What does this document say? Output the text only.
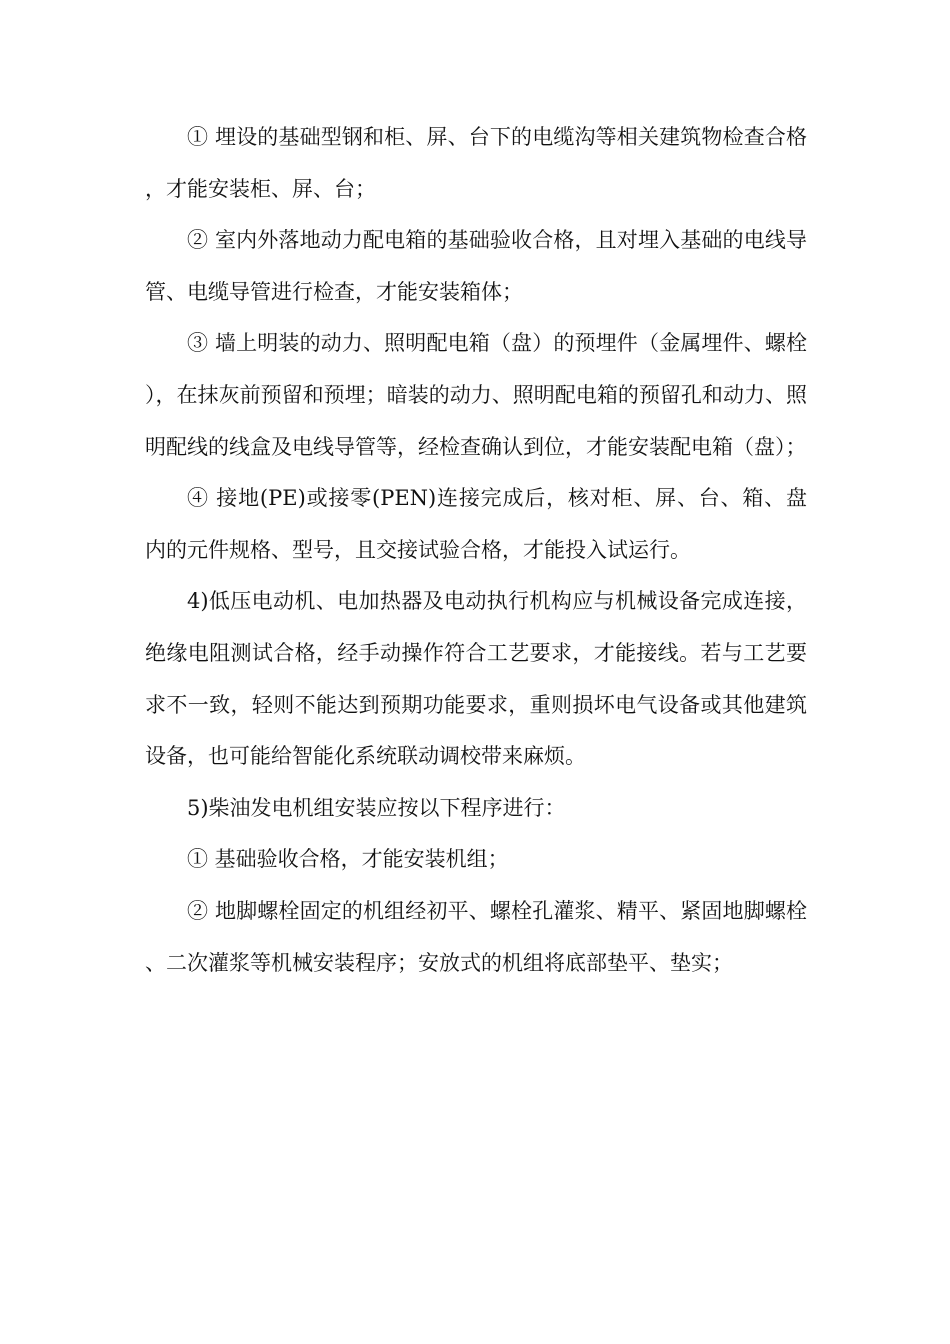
① 埋设的基础型钢和柜、屏、台下的电缆沟等相关建筑物检查合格，才能安装柜、屏、台；

② 室内外落地动力配电箱的基础验收合格，且对埋入基础的电线导管、电缆导管进行检查，才能安装箱体；

③ 墙上明装的动力、照明配电箱（盘）的预埋件（金属埋件、螺栓），在抹灰前预留和预埋；暗装的动力、照明配电箱的预留孔和动力、照明配线的线盒及电线导管等，经检查确认到位，才能安装配电箱（盘）；

④ 接地(PE)或接零(PEN)连接完成后，核对柜、屏、台、箱、盘内的元件规格、型号，且交接试验合格，才能投入试运行。

4)低压电动机、电加热器及电动执行机构应与机械设备完成连接，绝缘电阻测试合格，经手动操作符合工艺要求，才能接线。若与工艺要求不一致，轻则不能达到预期功能要求，重则损坏电气设备或其他建筑设备，也可能给智能化系统联动调校带来麻烦。

5)柴油发电机组安装应按以下程序进行：

① 基础验收合格，才能安装机组；

② 地脚螺栓固定的机组经初平、螺栓孔灌浆、精平、紧固地脚螺栓、二次灌浆等机械安装程序；安放式的机组将底部垫平、垫实；
